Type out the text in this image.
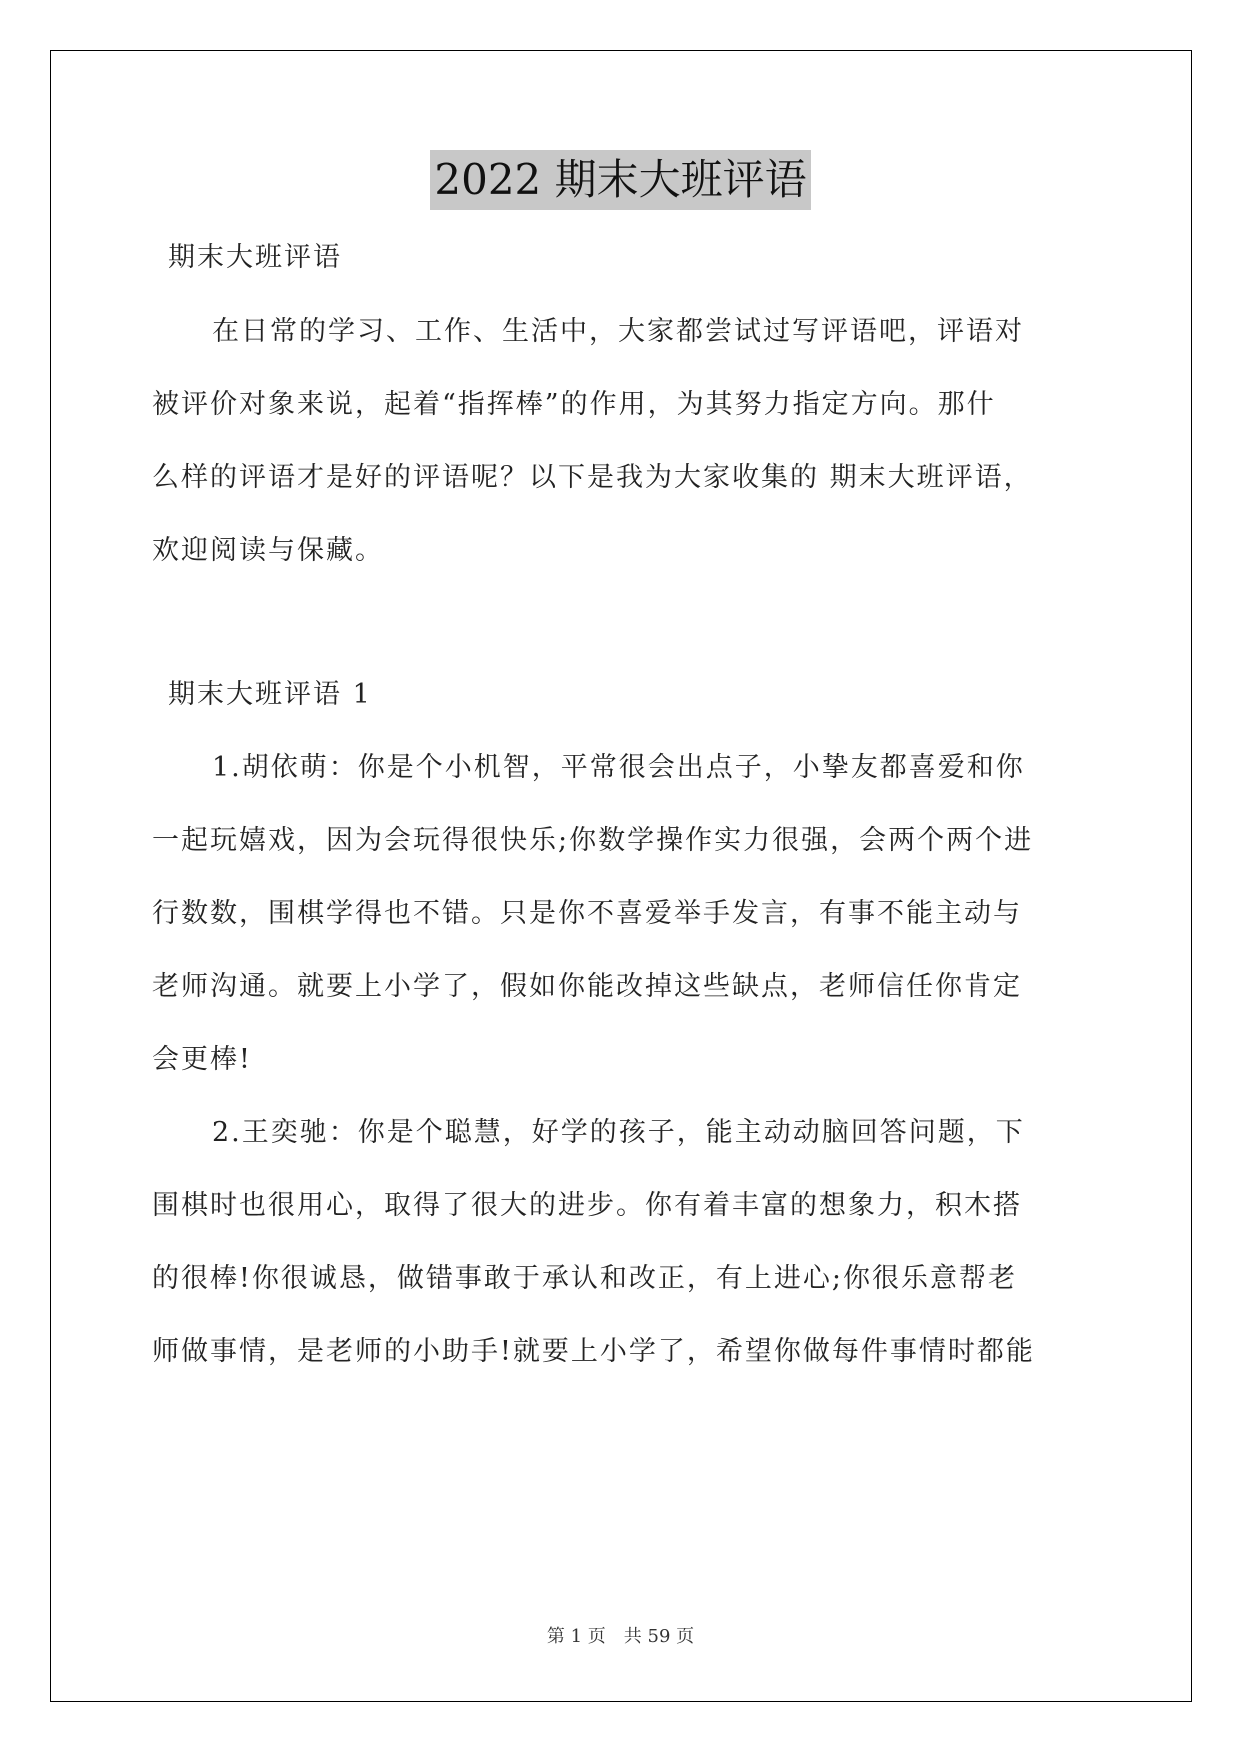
2022 期末大班评语
期末大班评语
在日常的学习、工作、生活中，大家都尝试过写评语吧，评语对
被评价对象来说，起着“指挥棒”的作用，为其努力指定方向。那什
么样的评语才是好的评语呢？以下是我为大家收集的 期末大班评语，
欢迎阅读与保藏。
期末大班评语 1
1.胡依萌：你是个小机智，平常很会出点子，小挚友都喜爱和你
一起玩嬉戏，因为会玩得很快乐;你数学操作实力很强，会两个两个进
行数数，围棋学得也不错。只是你不喜爱举手发言，有事不能主动与
老师沟通。就要上小学了，假如你能改掉这些缺点，老师信任你肯定
会更棒!
2.王奕驰：你是个聪慧，好学的孩子，能主动动脑回答问题，下
围棋时也很用心，取得了很大的进步。你有着丰富的想象力，积木搭
的很棒!你很诚恳，做错事敢于承认和改正，有上进心;你很乐意帮老
师做事情，是老师的小助手!就要上小学了，希望你做每件事情时都能
第 1 页　共 59 页
